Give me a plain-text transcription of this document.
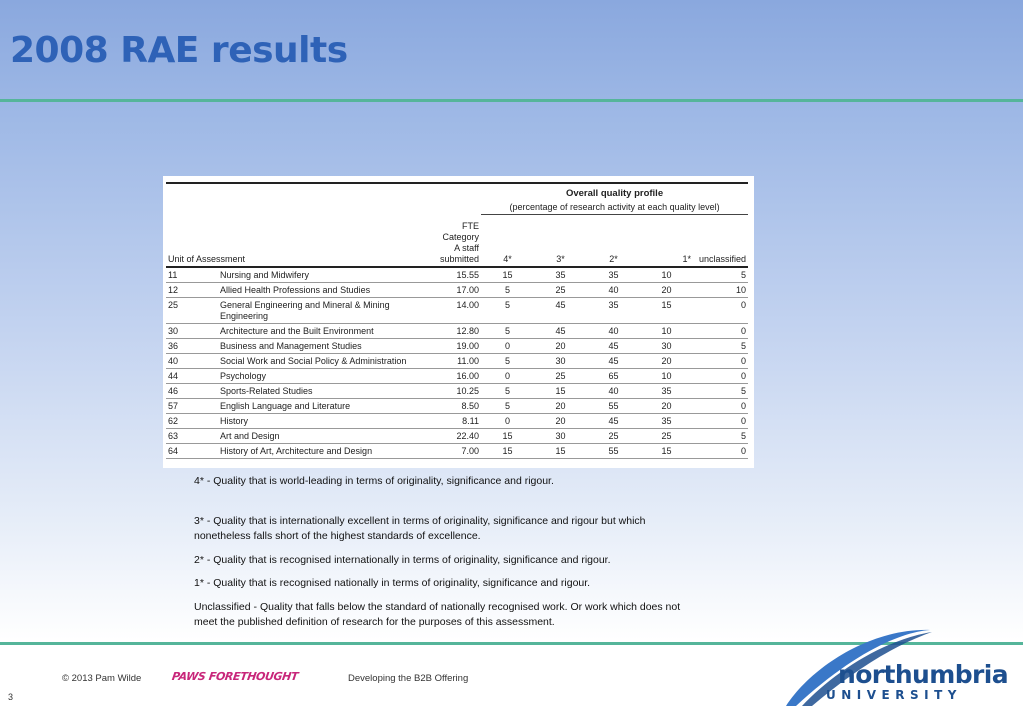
2008 RAE results
			Overall quality profile				
			(percentage of research activity at each quality level)				
Unit of Assessment		FTE
Category
A staff
submitted	4*	3*	2*	1*	unclassified
11	Nursing and Midwifery	15.55	15	35	35	10	5
12	Allied Health Professions and Studies	17.00	5	25	40	20	10
25	General Engineering and Mineral & Mining Engineering	14.00	5	45	35	15	0
30	Architecture and the Built Environment	12.80	5	45	40	10	0
36	Business and Management Studies	19.00	0	20	45	30	5
40	Social Work and Social Policy & Administration	11.00	5	30	45	20	0
44	Psychology	16.00	0	25	65	10	0
46	Sports-Related Studies	10.25	5	15	40	35	5
57	English Language and Literature	8.50	5	20	55	20	0
62	History	8.11	0	20	45	35	0
63	Art and Design	22.40	15	30	25	25	5
64	History of Art, Architecture and Design	7.00	15	15	55	15	0

4* - Quality that is world-leading in terms of originality, significance and rigour.

3* - Quality that is internationally excellent in terms of originality, significance and rigour but which nonetheless falls short of the highest standards of excellence.

2* - Quality that is recognised internationally in terms of originality, significance and rigour.

1* - Quality that is recognised nationally in terms of originality, significance and rigour.

Unclassified - Quality that falls below the standard of nationally recognised work. Or work which does not meet the published definition of research for the purposes of this assessment.

© 2013 Pam Wilde	PAWS FORETHOUGHT	Developing the B2B Offering
3
northumbria
UNIVERSITY
